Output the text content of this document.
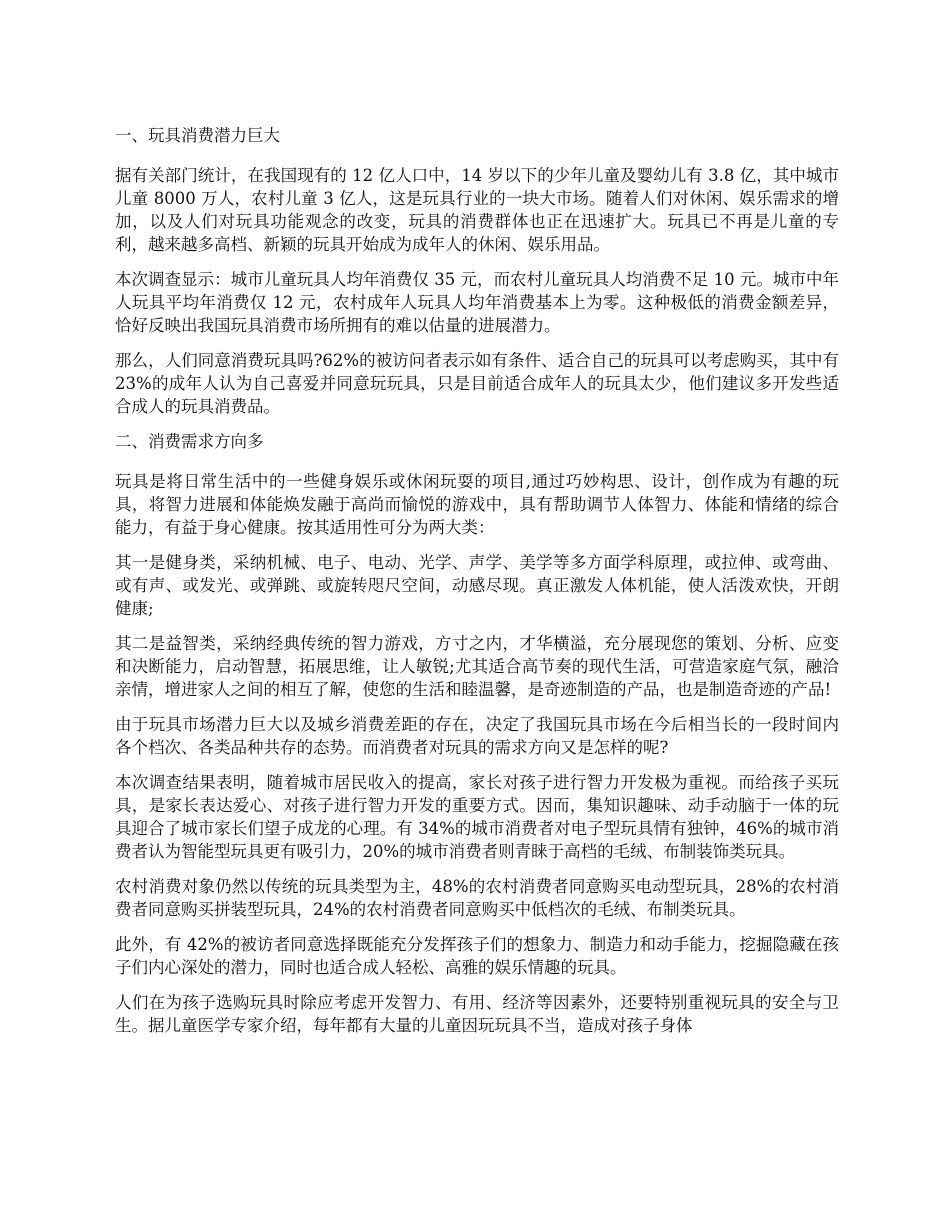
一、玩具消费潜力巨大

据有关部门统计，在我国现有的 12 亿人口中，14 岁以下的少年儿童及婴幼儿有 3.8 亿，其中城市儿童 8000 万人，农村儿童 3 亿人，这是玩具行业的一块大市场。随着人们对休闲、娱乐需求的增加，以及人们对玩具功能观念的改变，玩具的消费群体也正在迅速扩大。玩具已不再是儿童的专利，越来越多高档、新颖的玩具开始成为成年人的休闲、娱乐用品。

本次调查显示：城市儿童玩具人均年消费仅 35 元，而农村儿童玩具人均消费不足 10 元。城市中年人玩具平均年消费仅 12 元，农村成年人玩具人均年消费基本上为零。这种极低的消费金额差异，恰好反映出我国玩具消费市场所拥有的难以估量的进展潜力。

那么，人们同意消费玩具吗?62%的被访问者表示如有条件、适合自己的玩具可以考虑购买，其中有 23%的成年人认为自己喜爱并同意玩玩具，只是目前适合成年人的玩具太少，他们建议多开发些适合成人的玩具消费品。

二、消费需求方向多

玩具是将日常生活中的一些健身娱乐或休闲玩耍的项目,通过巧妙构思、设计，创作成为有趣的玩具，将智力进展和体能焕发融于高尚而愉悦的游戏中，具有帮助调节人体智力、体能和情绪的综合能力，有益于身心健康。按其适用性可分为两大类：

其一是健身类，采纳机械、电子、电动、光学、声学、美学等多方面学科原理，或拉伸、或弯曲、或有声、或发光、或弹跳、或旋转咫尺空间，动感尽现。真正激发人体机能，使人活泼欢快，开朗健康;

其二是益智类，采纳经典传统的智力游戏，方寸之内，才华横溢，充分展现您的策划、分析、应变和决断能力，启动智慧，拓展思维，让人敏锐;尤其适合高节奏的现代生活，可营造家庭气氛，融洽亲情，增进家人之间的相互了解，使您的生活和睦温馨，是奇迹制造的产品，也是制造奇迹的产品!

由于玩具市场潜力巨大以及城乡消费差距的存在，决定了我国玩具市场在今后相当长的一段时间内各个档次、各类品种共存的态势。而消费者对玩具的需求方向又是怎样的呢?

本次调查结果表明，随着城市居民收入的提高，家长对孩子进行智力开发极为重视。而给孩子买玩具，是家长表达爱心、对孩子进行智力开发的重要方式。因而，集知识趣味、动手动脑于一体的玩具迎合了城市家长们望子成龙的心理。有 34%的城市消费者对电子型玩具情有独钟，46%的城市消费者认为智能型玩具更有吸引力，20%的城市消费者则青睐于高档的毛绒、布制装饰类玩具。

农村消费对象仍然以传统的玩具类型为主，48%的农村消费者同意购买电动型玩具，28%的农村消费者同意购买拼装型玩具，24%的农村消费者同意购买中低档次的毛绒、布制类玩具。

此外，有 42%的被访者同意选择既能充分发挥孩子们的想象力、制造力和动手能力，挖掘隐藏在孩子们内心深处的潜力，同时也适合成人轻松、高雅的娱乐情趣的玩具。

人们在为孩子选购玩具时除应考虑开发智力、有用、经济等因素外，还要特别重视玩具的安全与卫生。据儿童医学专家介绍，每年都有大量的儿童因玩玩具不当，造成对孩子身体
